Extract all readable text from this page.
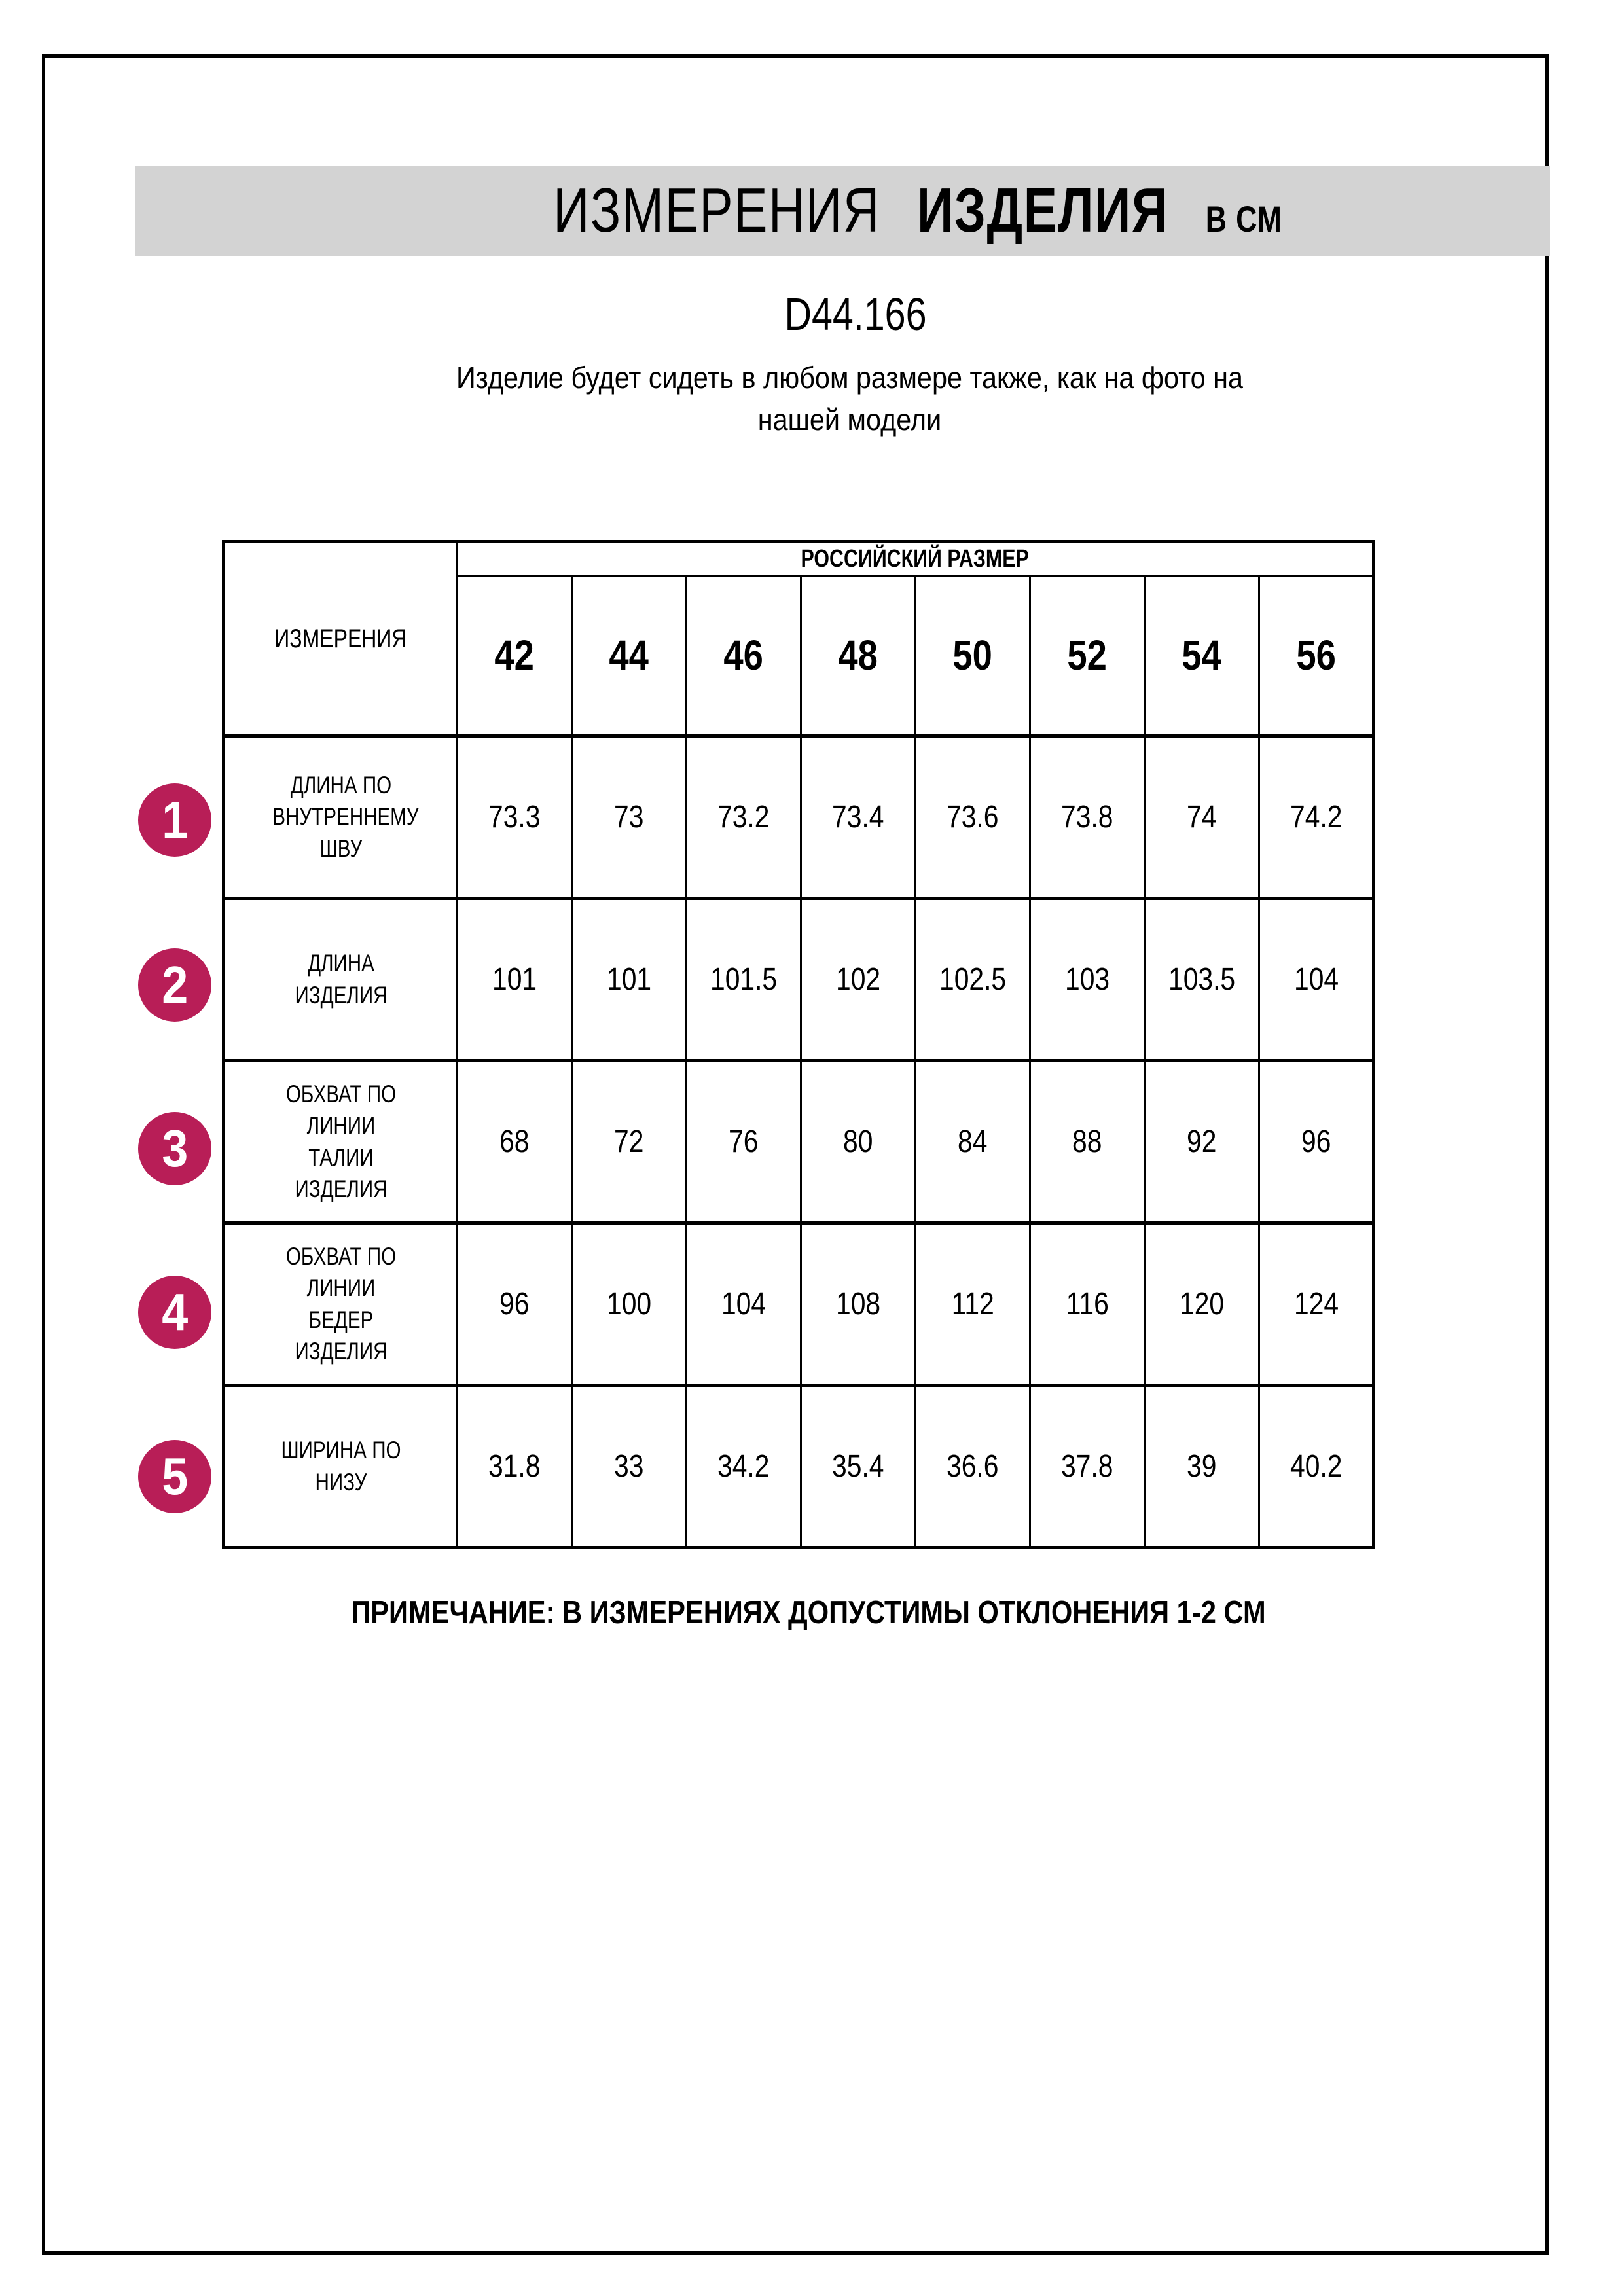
ИЗМЕРЕНИЯ ИЗДЕЛИЯ В СМ
D44.166
Изделие будет сидеть в любом размере также, как на фото на
нашей модели
ИЗМЕРЕНИЯ	РОССИЙСКИЙ РАЗМЕР							
	42	44	46	48	50	52	54	56

ДЛИНА ПО ВНУТРЕННЕМУ ШВУ	73.3	73	73.2	73.4	73.6	73.8	74	74.2

ДЛИНА ИЗДЕЛИЯ	101	101	101.5	102	102.5	103	103.5	104

ОБХВАТ ПО ЛИНИИ ТАЛИИ ИЗДЕЛИЯ	68	72	76	80	84	88	92	96

ОБХВАТ ПО ЛИНИИ БЕДЕР ИЗДЕЛИЯ	96	100	104	108	112	116	120	124

ШИРИНА ПО НИЗУ	31.8	33	34.2	35.4	36.6	37.8	39	40.2
1
2
3
4
5
ПРИМЕЧАНИЕ: В ИЗМЕРЕНИЯХ ДОПУСТИМЫ ОТКЛОНЕНИЯ 1-2 СМ
